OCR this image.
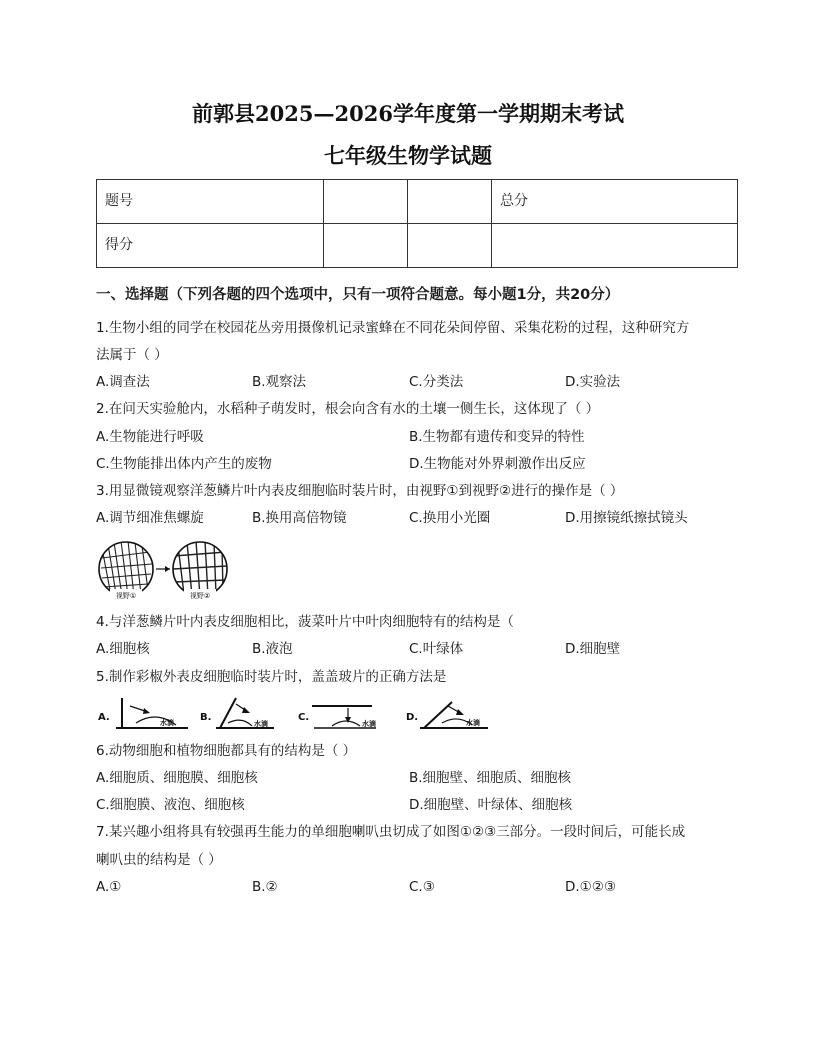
前郭县2025—2026学年度第一学期期末考试
七年级生物学试题
题号			总分
得分			
一、选择题（下列各题的四个选项中，只有一项符合题意。每小题1分，共20分）
1.生物小组的同学在校园花丛旁用摄像机记录蜜蜂在不同花朵间停留、采集花粉的过程，这种研究方
法属于（ ）
A.调查法	B.观察法	C.分类法	D.实验法
2.在问天实验舱内，水稻种子萌发时，根会向含有水的土壤一侧生长，这体现了（ ）
A.生物能进行呼吸	B.生物都有遗传和变异的特性
C.生物能排出体内产生的废物	D.生物能对外界刺激作出反应
3.用显微镜观察洋葱鳞片叶内表皮细胞临时装片时，由视野①到视野②进行的操作是（ ）
A.调节细准焦螺旋	B.换用高倍物镜	C.换用小光圈	D.用擦镜纸擦拭镜头
视野①	视野②
4.与洋葱鳞片叶内表皮细胞相比，菠菜叶片中叶肉细胞特有的结构是（
A.细胞核	B.液泡	C.叶绿体	D.细胞壁
5.制作彩椒外表皮细胞临时装片时，盖盖玻片的正确方法是
A.	水滴	B.
水滴
C.
水滴
D.	水滴
6.动物细胞和植物细胞都具有的结构是（ ）
A.细胞质、细胞膜、细胞核	B.细胞壁、细胞质、细胞核
C.细胞膜、液泡、细胞核	D.细胞壁、叶绿体、细胞核
7.某兴趣小组将具有较强再生能力的单细胞喇叭虫切成了如图①②③三部分。一段时间后，可能长成
喇叭虫的结构是（ ）
A.①	B.②	C.③	D.①②③
